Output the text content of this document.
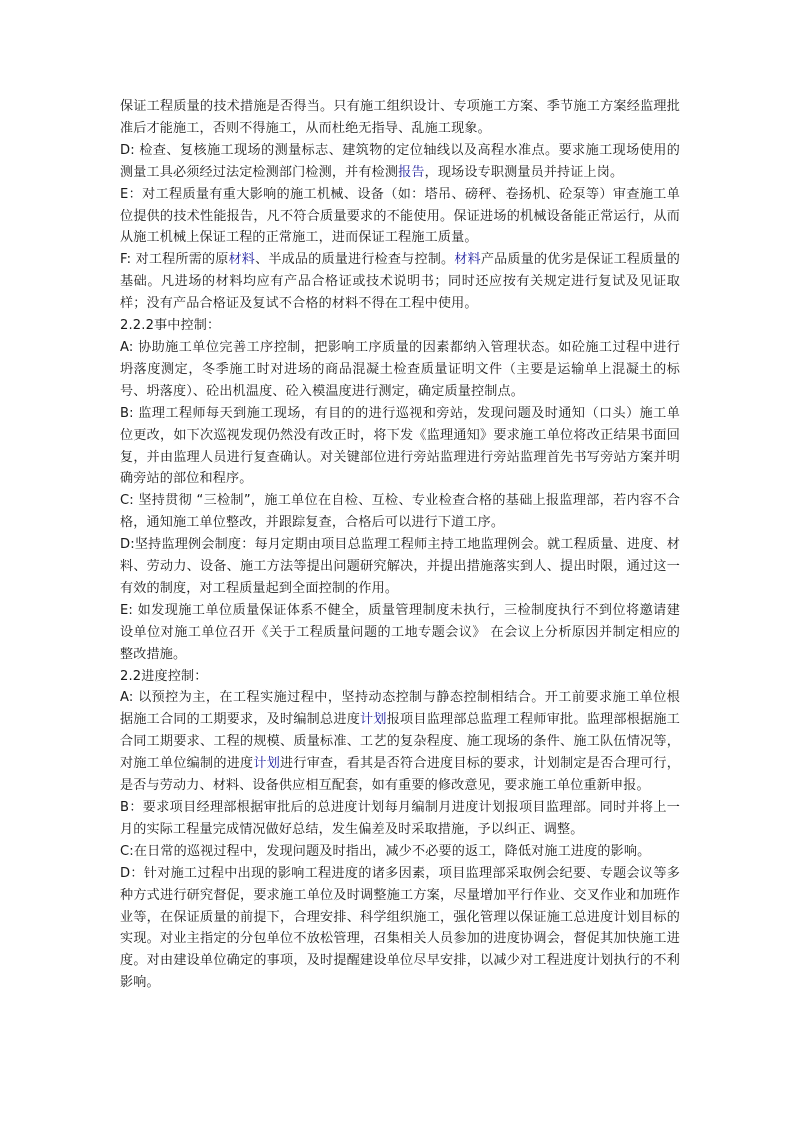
保证工程质量的技术措施是否得当。只有施工组织设计、专项施工方案、季节施工方案经监理批准后才能施工，否则不得施工，从而杜绝无指导、乱施工现象。

D: 检查、复核施工现场的测量标志、建筑物的定位轴线以及高程水准点。要求施工现场使用的测量工具必须经过法定检测部门检测，并有检测报告，现场设专职测量员并持证上岗。

E：对工程质量有重大影响的施工机械、设备（如：塔吊、磅秤、卷扬机、砼泵等）审查施工单位提供的技术性能报告，凡不符合质量要求的不能使用。保证进场的机械设备能正常运行，从而从施工机械上保证工程的正常施工，进而保证工程施工质量。

F: 对工程所需的原材料、半成品的质量进行检查与控制。材料产品质量的优劣是保证工程质量的基础。凡进场的材料均应有产品合格证或技术说明书；同时还应按有关规定进行复试及见证取样；没有产品合格证及复试不合格的材料不得在工程中使用。

2.2.2事中控制：

A: 协助施工单位完善工序控制，把影响工序质量的因素都纳入管理状态。如砼施工过程中进行坍落度测定，冬季施工时对进场的商品混凝土检查质量证明文件（主要是运输单上混凝土的标号、坍落度）、砼出机温度、砼入模温度进行测定，确定质量控制点。

B: 监理工程师每天到施工现场，有目的的进行巡视和旁站，发现问题及时通知（口头）施工单位更改，如下次巡视发现仍然没有改正时，将下发《监理通知》要求施工单位将改正结果书面回复，并由监理人员进行复查确认。对关键部位进行旁站监理进行旁站监理首先书写旁站方案并明确旁站的部位和程序。

C: 坚持贯彻 “三检制”，施工单位在自检、互检、专业检查合格的基础上报监理部，若内容不合格，通知施工单位整改，并跟踪复查，合格后可以进行下道工序。

D:坚持监理例会制度：每月定期由项目总监理工程师主持工地监理例会。就工程质量、进度、材料、劳动力、设备、施工方法等提出问题研究解决，并提出措施落实到人、提出时限，通过这一有效的制度，对工程质量起到全面控制的作用。

E: 如发现施工单位质量保证体系不健全，质量管理制度未执行，三检制度执行不到位将邀请建设单位对施工单位召开《关于工程质量问题的工地专题会议》 在会议上分析原因并制定相应的整改措施。

2.2进度控制：

A: 以预控为主，在工程实施过程中，坚持动态控制与静态控制相结合。开工前要求施工单位根据施工合同的工期要求，及时编制总进度计划报项目监理部总监理工程师审批。监理部根据施工合同工期要求、工程的规模、质量标准、工艺的复杂程度、施工现场的条件、施工队伍情况等，对施工单位编制的进度计划进行审查，看其是否符合进度目标的要求，计划制定是否合理可行，是否与劳动力、材料、设备供应相互配套，如有重要的修改意见，要求施工单位重新申报。

B：要求项目经理部根据审批后的总进度计划每月编制月进度计划报项目监理部。同时并将上一月的实际工程量完成情况做好总结，发生偏差及时采取措施，予以纠正、调整。

C:在日常的巡视过程中，发现问题及时指出，减少不必要的返工，降低对施工进度的影响。

D：针对施工过程中出现的影响工程进度的诸多因素，项目监理部采取例会纪要、专题会议等多种方式进行研究督促，要求施工单位及时调整施工方案，尽量增加平行作业、交叉作业和加班作业等，在保证质量的前提下，合理安排、科学组织施工，强化管理以保证施工总进度计划目标的实现。对业主指定的分包单位不放松管理，召集相关人员参加的进度协调会，督促其加快施工进度。对由建设单位确定的事项，及时提醒建设单位尽早安排，以减少对工程进度计划执行的不利影响。
